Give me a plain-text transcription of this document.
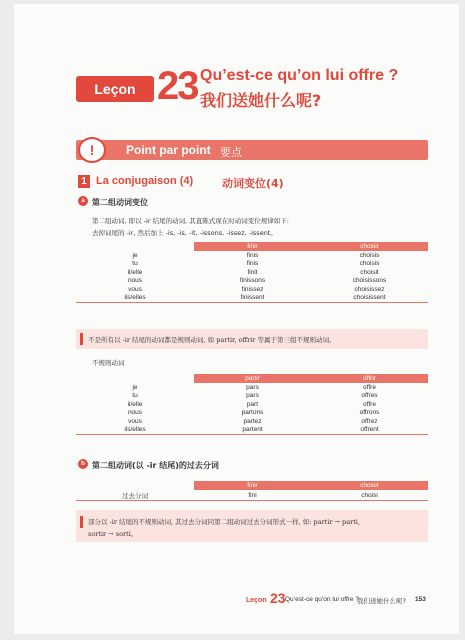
Leçon 23 Qu’est-ce qu’on lui offre ?
我们送她什么呢?
!	Point par point 要点
1 La conjugaison (4)	动词变位(4)
a 第二组动词变位
第二组动词, 即以 -ir 结尾的动词, 其直陈式现在时动词变位规律如下:
去掉词尾的 -ir, 然后加上 -is, -is, -it, -issons, -issez, -issent。
	finir	choisir
je	finis	choisis
tu	finis	choisis
il/elle	finit	choisit
nous	finissons	choisissons
vous	finissez	choisissez
ils/elles	finissent	choisissent
不是所有以 -ir 结尾的动词都是规则动词, 如 partir, offrir 等属于第三组不规则动词。
不规则动词
	partir	offrir
je	pars	offre
tu	pars	offres
il/elle	part	offre
nous	partons	offrons
vous	partez	offrez
ils/elles	partent	offrent
b 第二组动词(以 -ir 结尾)的过去分词
	finir	choisir
过去分词	fini	choisi
部分以 -ir 结尾的不规则动词, 其过去分词同第二组动词过去分词形式一样, 如: partir → parti,
sortir → sorti。
Leçon 23 Qu’est-ce qu’on lui offre ?
我们送她什么呢? 153
